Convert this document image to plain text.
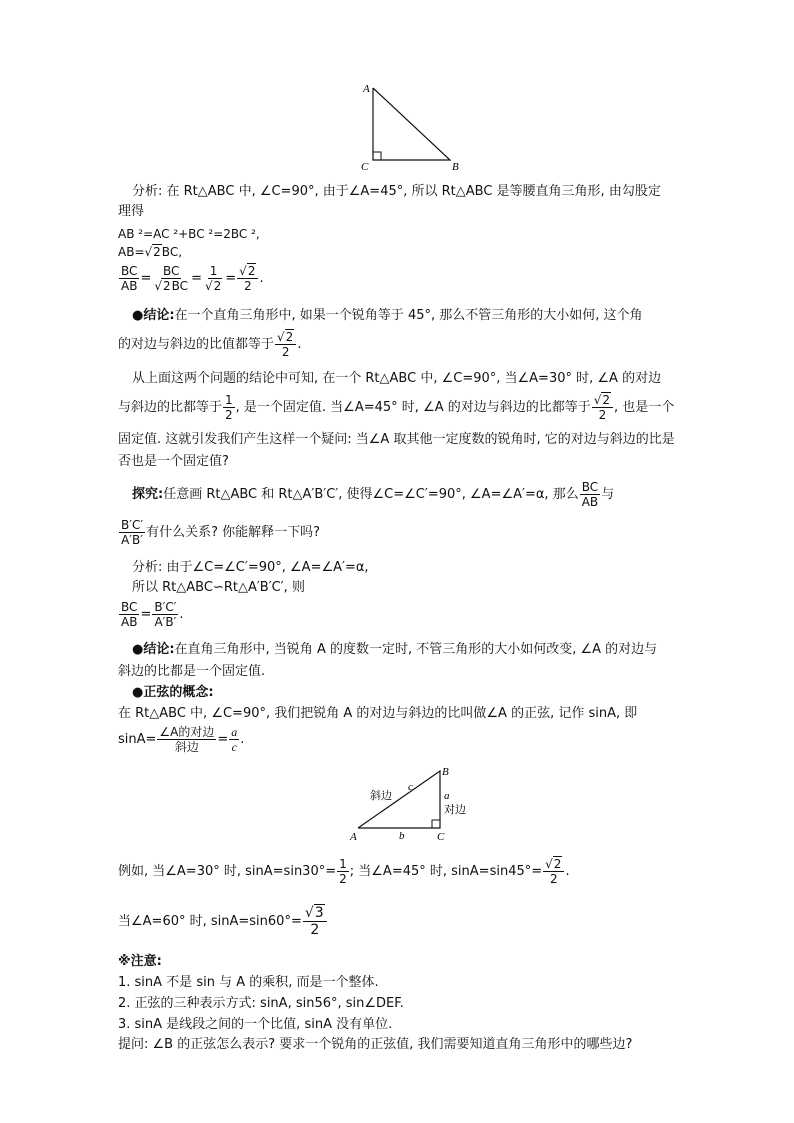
A
C	B
分析: 在 Rt△ABC 中, ∠C=90°, 由于∠A=45°, 所以 Rt△ABC 是等腰直角三角形, 由勾股定
理得
AB ²=AC ²+BC ²=2BC ²,
AB=√2BC,
$\frac{BC}{AB} = \frac{BC}{√2BC} = \frac{1}{√2} = \frac{√2}{2}$ .
●结论:在一个直角三角形中, 如果一个锐角等于 45°, 那么不管三角形的大小如何, 这个角
的对边与斜边的比值都等于 $\frac{√2}{2}$ .
从上面这两个问题的结论中可知, 在一个 Rt△ABC 中, ∠C=90°, 当∠A=30° 时, ∠A 的对边
与斜边的比都等于 $\frac{1}{2}$ , 是一个固定值. 当∠A=45° 时, ∠A 的对边与斜边的比都等于 $\frac{√2}{2}$ , 也是一个
固定值. 这就引发我们产生这样一个疑问: 当∠A 取其他一定度数的锐角时, 它的对边与斜边的比是
否也是一个固定值?
探究:任意画 Rt△ABC 和 Rt△A′B′C′, 使得∠C=∠C′=90°, ∠A=∠A′=α, 那么 $\frac{BC}{AB}$ 与
$\frac{B'C'}{A'B'}$ 有什么关系? 你能解释一下吗?
分析: 由于∠C=∠C′=90°, ∠A=∠A′=α,
所以 Rt△ABC∽Rt△A′B′C′, 则
$\frac{BC}{AB} = \frac{B'C'}{A'B'}$ .
●结论:在直角三角形中, 当锐角 A 的度数一定时, 不管三角形的大小如何改变, ∠A 的对边与
斜边的比都是一个固定值.
●正弦的概念:
在 Rt△ABC 中, ∠C=90°, 我们把锐角 A 的对边与斜边的比叫做∠A 的正弦, 记作 sinA, 即
$\sin A= \frac{\text{∠A的对边}}{\text{斜边}} = \frac{a}{c}$ .
B
A	C
c
a
b
斜边
对边
例如, 当∠A=30° 时, $\sin A=\sin 30^\circ= \frac{1}{2}$ ; 当∠A=45° 时, $\sin A=\sin 45^\circ= \frac{√2}{2}$ .
当∠A=60° 时, $\sin A=\sin 60^\circ= \frac{√3}{2}$
※注意:
1. sinA 不是 sin 与 A 的乘积, 而是一个整体.
2. 正弦的三种表示方式: sinA, sin56°, sin∠DEF.
3. sinA 是线段之间的一个比值, sinA 没有单位.
提问: ∠B 的正弦怎么表示? 要求一个锐角的正弦值, 我们需要知道直角三角形中的哪些边?
